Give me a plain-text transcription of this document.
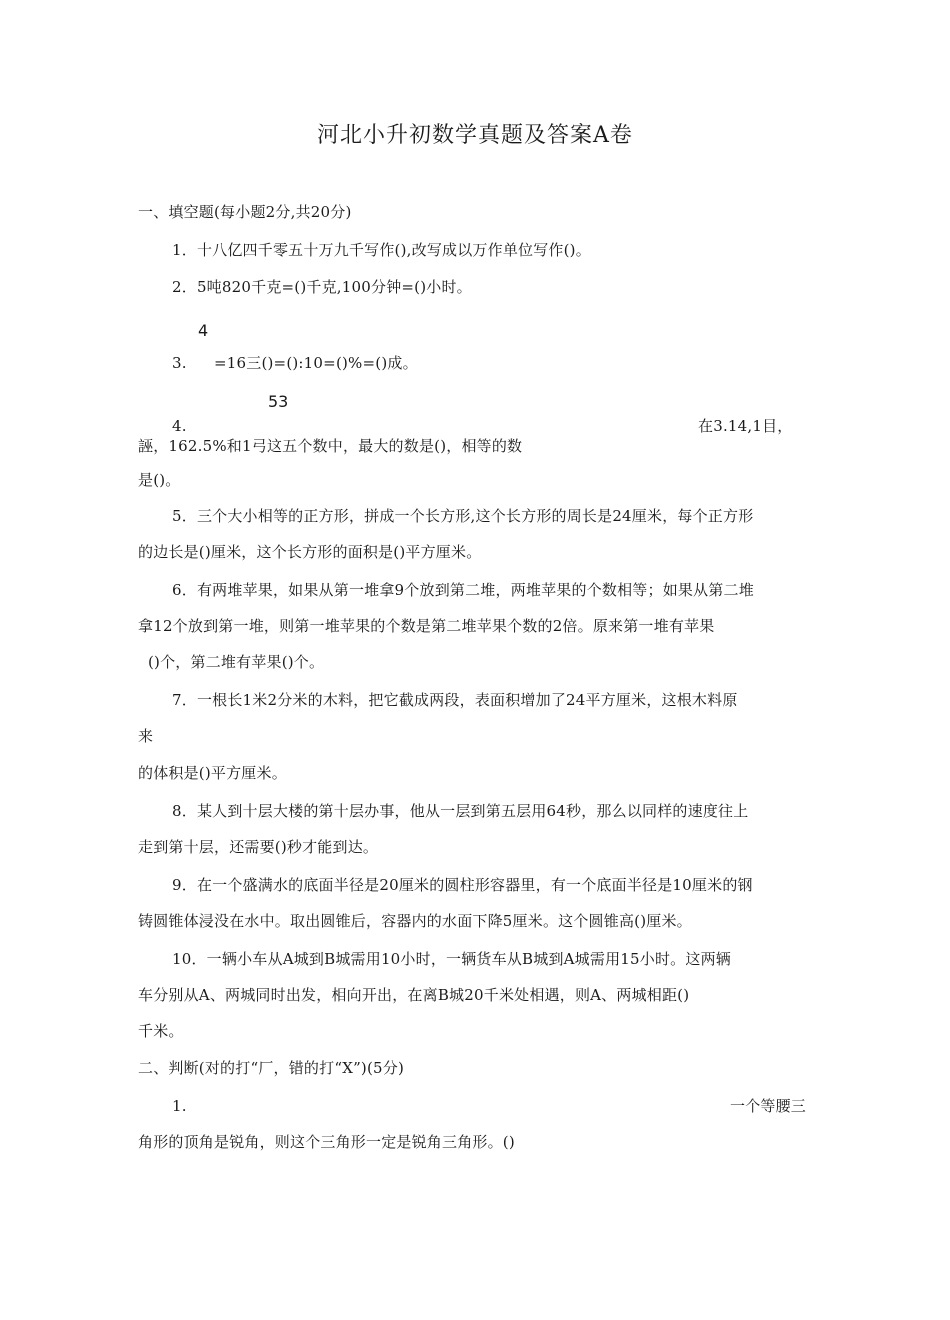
河北小升初数学真题及答案A卷
一、填空题(每小题2分,共20分)
1．十八亿四千零五十万九千写作(),改写成以万作单位写作()。
2．5吨820千克=()千克,100分钟=()小时。
4
3. =16三()=():10=()%=()成。
53
4.	在3.14,1目，
誣，162.5%和1弓这五个数中，最大的数是()，相等的数
是()。
5．三个大小相等的正方形，拼成一个长方形,这个长方形的周长是24厘米，每个正方形
的边长是()厘米，这个长方形的面积是()平方厘米。
6．有两堆苹果，如果从第一堆拿9个放到第二堆，两堆苹果的个数相等；如果从第二堆
拿12个放到第一堆，则第一堆苹果的个数是第二堆苹果个数的2倍。原来第一堆有苹果
()个，第二堆有苹果()个。
7．一根长1米2分米的木料，把它截成两段，表面积增加了24平方厘米，这根木料原
来
的体积是()平方厘米。
8．某人到十层大楼的第十层办事，他从一层到第五层用64秒，那么以同样的速度往上
走到第十层，还需要()秒才能到达。
9．在一个盛满水的底面半径是20厘米的圆柱形容器里，有一个底面半径是10厘米的钢
铸圆锥体浸没在水中。取出圆锥后，容器内的水面下降5厘米。这个圆锥高()厘米。
10．一辆小车从A城到B城需用10小时，一辆货车从B城到A城需用15小时。这两辆
车分别从A、两城同时出发，相向开出，在离B城20千米处相遇，则A、两城相距()
千米。
二、判断(对的打“厂，错的打“X”)(5分)
1.	一个等腰三
角形的顶角是锐角，则这个三角形一定是锐角三角形。()
